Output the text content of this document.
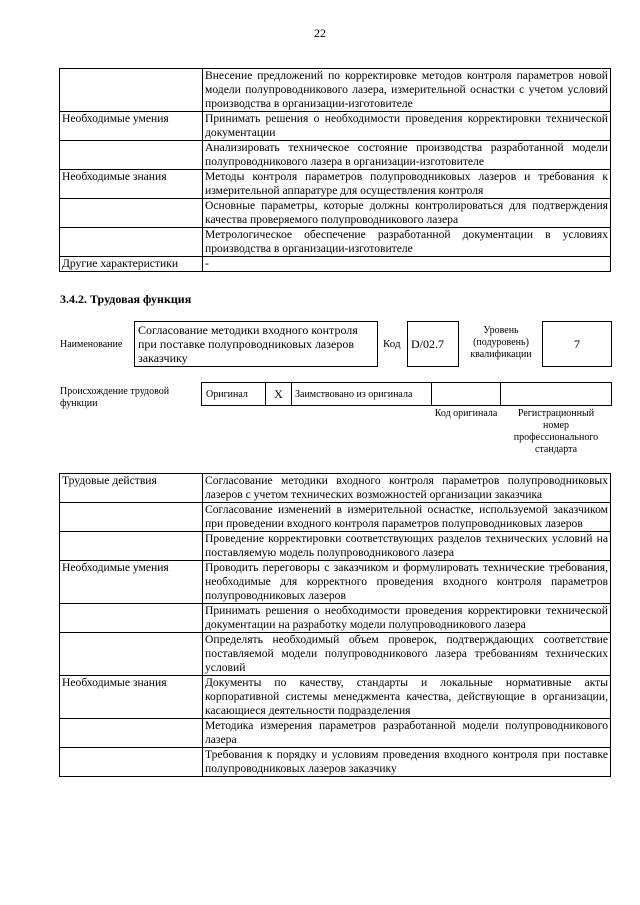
22
	Внесение предложений по корректировке методов контроля параметров новой модели полупроводникового лазера, измерительной оснастки с учетом условий производства в организации-изготовителе
Необходимые умения	Принимать решения о необходимости проведения корректировки технической документации
	Анализировать техническое состояние производства разработанной модели полупроводникового лазера в организации-изготовителе
Необходимые знания	Методы контроля параметров полупроводниковых лазеров и требования к измерительной аппаратуре для осуществления контроля
	Основные параметры, которые должны контролироваться для подтверждения качества проверяемого полупроводникового лазера
	Метрологическое обеспечение разработанной документации в условиях производства в организации-изготовителе
Другие характеристики	-
3.4.2. Трудовая функция
Наименование
Согласование методики входного контроля при поставке полупроводниковых лазеров заказчику
Код D/02.7
Уровень (подуровень) квалификации
7
Происхождение трудовой функции
Оригинал	X	Заимствовано из оригинала		
Код оригинала	Регистрационный номер профессионального стандарта
Трудовые действия	Согласование методики входного контроля параметров полупроводниковых лазеров с учетом технических возможностей организации заказчика
	Согласование изменений в измерительной оснастке, используемой заказчиком при проведении входного контроля параметров полупроводниковых лазеров
	Проведение корректировки соответствующих разделов технических условий на поставляемую модель полупроводникового лазера
Необходимые умения	Проводить переговоры с заказчиком и формулировать технические требования, необходимые для корректного проведения входного контроля параметров полупроводниковых лазеров
	Принимать решения о необходимости проведения корректировки технической документации на разработку модели полупроводникового лазера
	Определять необходимый объем проверок, подтверждающих соответствие поставляемой модели полупроводникового лазера требованиям технических условий
Необходимые знания	Документы по качеству, стандарты и локальные нормативные акты корпоративной системы менеджмента качества, действующие в организации, касающиеся деятельности подразделения
	Методика измерения параметров разработанной модели полупроводникового лазера
	Требования к порядку и условиям проведения входного контроля при поставке полупроводниковых лазеров заказчику
